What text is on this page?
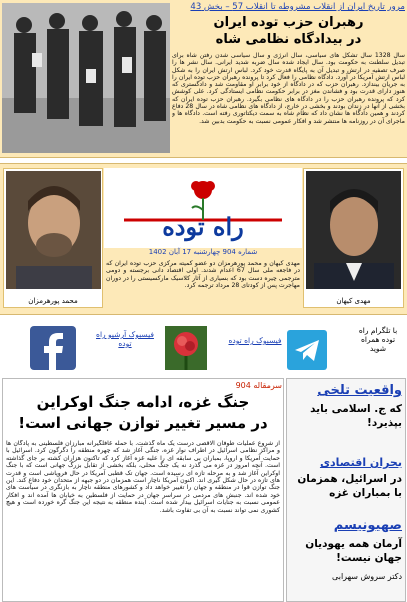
مرور تاریخ ایران از انقلاب مشروطه تا انقلاب 57 – بخش 43
رهبران حزب توده ایران
در بیدادگاه نظامی شاه
سال 1328 سال تشکل های سیاسی، سال انرژی و سال سیاسی شدن رفتن شاه برای تبدیل سلطنت به حکومت بود. سال ایجاد شده سال ضربه شدید ایرانی. سال نشر ها را صرف تصفیه در ارتش و تبدیل آن به پایگاه قدرت خود کرد. لباس ارتش ایران را به شکل لباس ارتش آمریکا در آورد. دادگاه نظامی را فعال کرد تا پرونده رهبران حزب توده ایران را به جریان بیندازد. رهبران حزب که در دادگاه از خود برابر او مقاومت شد و دادگستری که هنوز دارای قدرت بود و فشاندن مغز در برابر حکومت نظامی ایستادگی کرد. علی کوشش کرد که پرونده رهبران حزب را در دادگاه های نظامی بگیرد. رهبران حزب توده ایران که بخشی از آنها در زندان بودند و بخشی در خارج، از دادگاه های نظامی شاه در سال 28 دفاع کردند و همین دادگاه ها نشان داد که نظام شاه به سمت دیکتاتوری رفته است. دادگاه ها و ماجرای آن در روزنامه ها منتشر شد و افکار عمومی نسبت به حکومت بدبین شد.
محمد پورهرمزان
راه توده
شماره 904 چهارشنبه 17 آبان 1402
مهدی کیهان و محمد پورهرمزان دو عضو کمیته مرکزی حزب توده ایران که در فاجعه ملی سال 67 اعدام شدند. اولی اقتصاد دانی برجسته و دومی مترجمی چیره دست بود که بسیاری از آثار کلاسیک مارکسیستی را در دوران مهاجرت پس از کودتای 28 مرداد ترجمه کرد.
مهدی کیهان
با تلگرام راه توده همراه شوید
فیسبوک راه توده
فیسبوک آرشیو راه توده
سرمقاله 904
جنگ غزه، ادامه جنگ اوکراین
در مسیر تغییر توازن جهانی است!
از شروع عملیات طوفان الاقصی درست یک ماه گذشت. با حمله غافلگیرانه مبارزان فلسطینی به پادگان ها و مراکز نظامی اسرائیل در اطراف نوار غزه، جنگی آغاز شد که چهره منطقه را دگرگون کرد. اسرائیل با حمایت آمریکا و اروپا، بمباران بی سابقه ای را علیه غزه آغاز کرد که تاکنون هزاران کشته بر جای گذاشته است. آنچه امروز در غزه می گذرد نه یک جنگ محلی، بلکه بخشی از تقابل بزرگ جهانی است که با جنگ اوکراین آغاز شد و به مرحله تازه ای رسیده است. جهان تک قطبی آمریکا در حال فروپاشی است و قدرت های تازه در حال شکل گیری اند. اکنون آمریکا ناچار است همزمان در دو جبهه از متحدان خود دفاع کند. این جنگ توازن قوا در منطقه و جهان را تغییر خواهد داد و کشورهای منطقه ناچار به بازنگری در سیاست های خود شده اند. جنبش های مردمی در سراسر جهان در حمایت از فلسطین به خیابان ها آمده اند و افکار عمومی نسبت به جنایات اسرائیل بیدار شده است. آینده منطقه به نتیجه این جنگ گره خورده است و هیچ کشوری نمی تواند نسبت به آن بی تفاوت باشد.
واقعیت تلخی
که ج. اسلامی باید بپذیرد!
بحران اقتصادی
در اسرائیل، همزمان با بمباران غزه
صهیونیسم
آرمان همه یهودیان جهان نیست!
دکتر سروش سهرابی
